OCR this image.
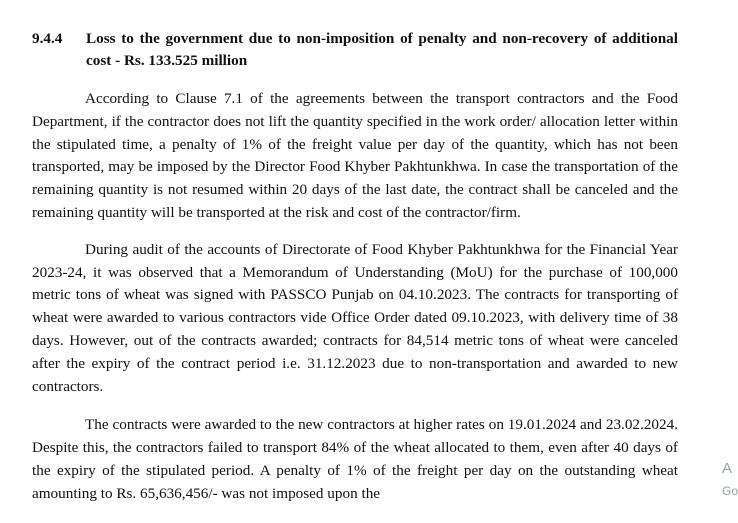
9.4.4	Loss to the government due to non-imposition of penalty and non-recovery of additional cost - Rs. 133.525 million

According to Clause 7.1 of the agreements between the transport contractors and the Food Department, if the contractor does not lift the quantity specified in the work order/ allocation letter within the stipulated time, a penalty of 1% of the freight value per day of the quantity, which has not been transported, may be imposed by the Director Food Khyber Pakhtunkhwa. In case the transportation of the remaining quantity is not resumed within 20 days of the last date, the contract shall be canceled and the remaining quantity will be transported at the risk and cost of the contractor/firm.

During audit of the accounts of Directorate of Food Khyber Pakhtunkhwa for the Financial Year 2023-24, it was observed that a Memorandum of Understanding (MoU) for the purchase of 100,000 metric tons of wheat was signed with PASSCO Punjab on 04.10.2023. The contracts for transporting of wheat were awarded to various contractors vide Office Order dated 09.10.2023, with delivery time of 38 days. However, out of the contracts awarded; contracts for 84,514 metric tons of wheat were canceled after the expiry of the contract period i.e. 31.12.2023 due to non-transportation and awarded to new contractors.

The contracts were awarded to the new contractors at higher rates on 19.01.2024 and 23.02.2024. Despite this, the contractors failed to transport 84% of the wheat allocated to them, even after 40 days of the expiry of the stipulated period. A penalty of 1% of the freight per day on the outstanding wheat amounting to Rs. 65,636,456/- was not imposed upon the

A
Go
